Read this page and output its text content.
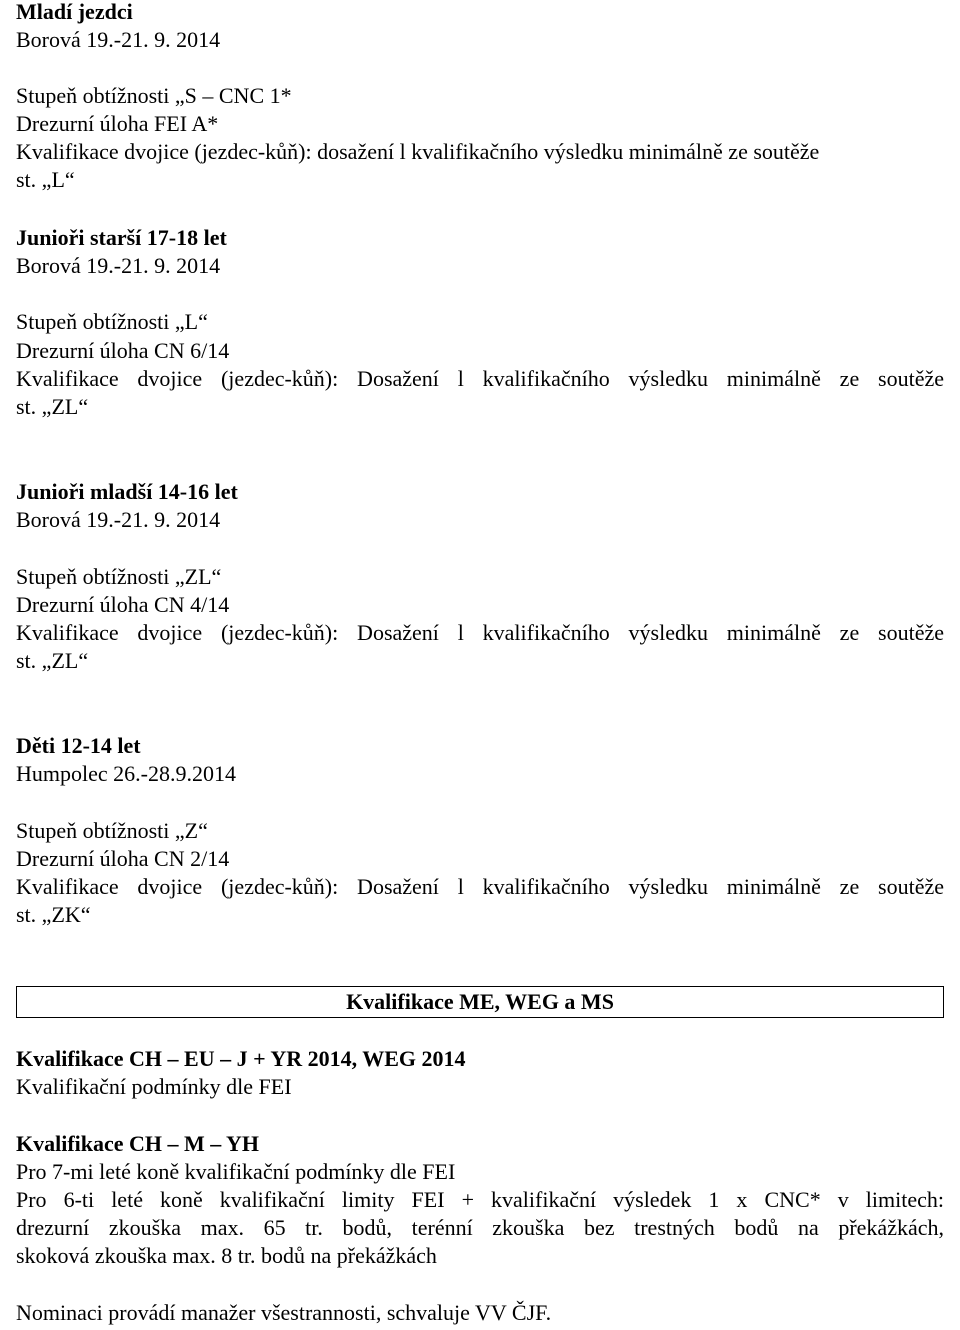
Mladí jezdci
Borová 19.-21. 9. 2014
Stupeň obtížnosti „S – CNC 1*
Drezurní úloha FEI A*
Kvalifikace dvojice (jezdec-kůň): dosažení l kvalifikačního výsledku minimálně ze soutěže
st. „L“
Junioři starší 17-18 let
Borová 19.-21. 9. 2014
Stupeň obtížnosti „L“
Drezurní úloha CN 6/14
Kvalifikace dvojice (jezdec-kůň): Dosažení l kvalifikačního výsledku minimálně ze soutěže
st. „ZL“
Junioři mladší 14-16 let
Borová 19.-21. 9. 2014
Stupeň obtížnosti „ZL“
Drezurní úloha CN 4/14
Kvalifikace dvojice (jezdec-kůň): Dosažení l kvalifikačního výsledku minimálně ze soutěže
st. „ZL“
Děti 12-14 let
Humpolec 26.-28.9.2014
Stupeň obtížnosti „Z“
Drezurní úloha CN 2/14
Kvalifikace dvojice (jezdec-kůň): Dosažení l kvalifikačního výsledku minimálně ze soutěže
st. „ZK“
Kvalifikace ME, WEG a MS
Kvalifikace CH – EU – J + YR 2014, WEG 2014
Kvalifikační podmínky dle FEI
Kvalifikace CH – M – YH
Pro 7-mi leté koně kvalifikační podmínky dle FEI
Pro 6-ti leté koně kvalifikační limity FEI + kvalifikační výsledek 1 x CNC* v limitech:
drezurní zkouška max. 65 tr. bodů, terénní zkouška bez trestných bodů na překážkách,
skoková zkouška max. 8 tr. bodů na překážkách
Nominaci provádí manažer všestrannosti, schvaluje VV ČJF.
